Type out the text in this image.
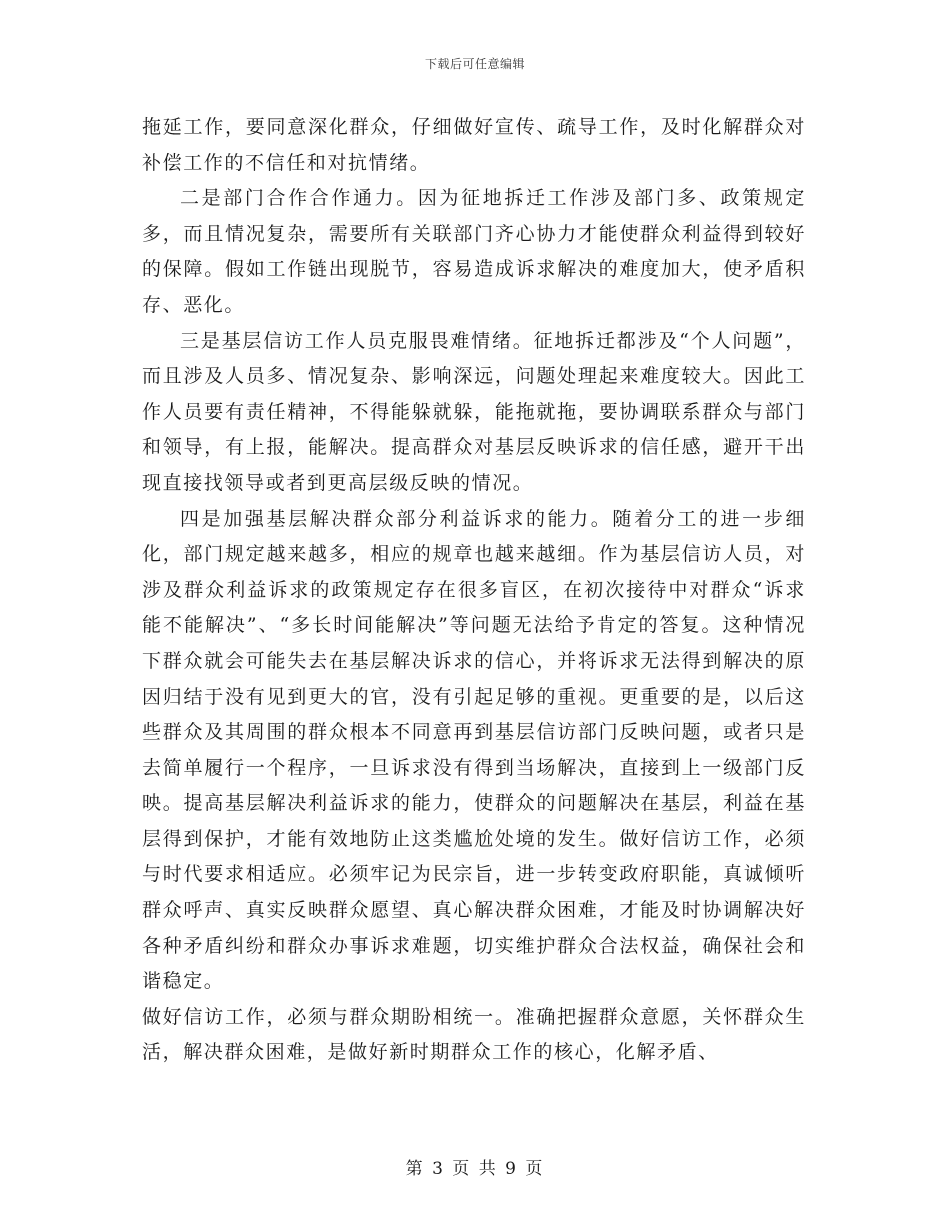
下载后可任意编辑

拖延工作，要同意深化群众，仔细做好宣传、疏导工作，及时化解群众对补偿工作的不信任和对抗情绪。

二是部门合作合作通力。因为征地拆迁工作涉及部门多、政策规定多，而且情况复杂，需要所有关联部门齐心协力才能使群众利益得到较好的保障。假如工作链出现脱节，容易造成诉求解决的难度加大，使矛盾积存、恶化。

三是基层信访工作人员克服畏难情绪。征地拆迁都涉及“个人问题”，而且涉及人员多、情况复杂、影响深远，问题处理起来难度较大。因此工作人员要有责任精神，不得能躲就躲，能拖就拖，要协调联系群众与部门和领导，有上报，能解决。提高群众对基层反映诉求的信任感，避开干出现直接找领导或者到更高层级反映的情况。

四是加强基层解决群众部分利益诉求的能力。随着分工的进一步细化，部门规定越来越多，相应的规章也越来越细。作为基层信访人员，对涉及群众利益诉求的政策规定存在很多盲区，在初次接待中对群众“诉求能不能解决”、“多长时间能解决”等问题无法给予肯定的答复。这种情况下群众就会可能失去在基层解决诉求的信心，并将诉求无法得到解决的原因归结于没有见到更大的官，没有引起足够的重视。更重要的是，以后这些群众及其周围的群众根本不同意再到基层信访部门反映问题，或者只是去简单履行一个程序，一旦诉求没有得到当场解决，直接到上一级部门反映。提高基层解决利益诉求的能力，使群众的问题解决在基层，利益在基层得到保护，才能有效地防止这类尴尬处境的发生。做好信访工作，必须与时代要求相适应。必须牢记为民宗旨，进一步转变政府职能，真诚倾听群众呼声、真实反映群众愿望、真心解决群众困难，才能及时协调解决好各种矛盾纠纷和群众办事诉求难题，切实维护群众合法权益，确保社会和谐稳定。

做好信访工作，必须与群众期盼相统一。准确把握群众意愿，关怀群众生活，解决群众困难，是做好新时期群众工作的核心，化解矛盾、

第 3 页 共 9 页
